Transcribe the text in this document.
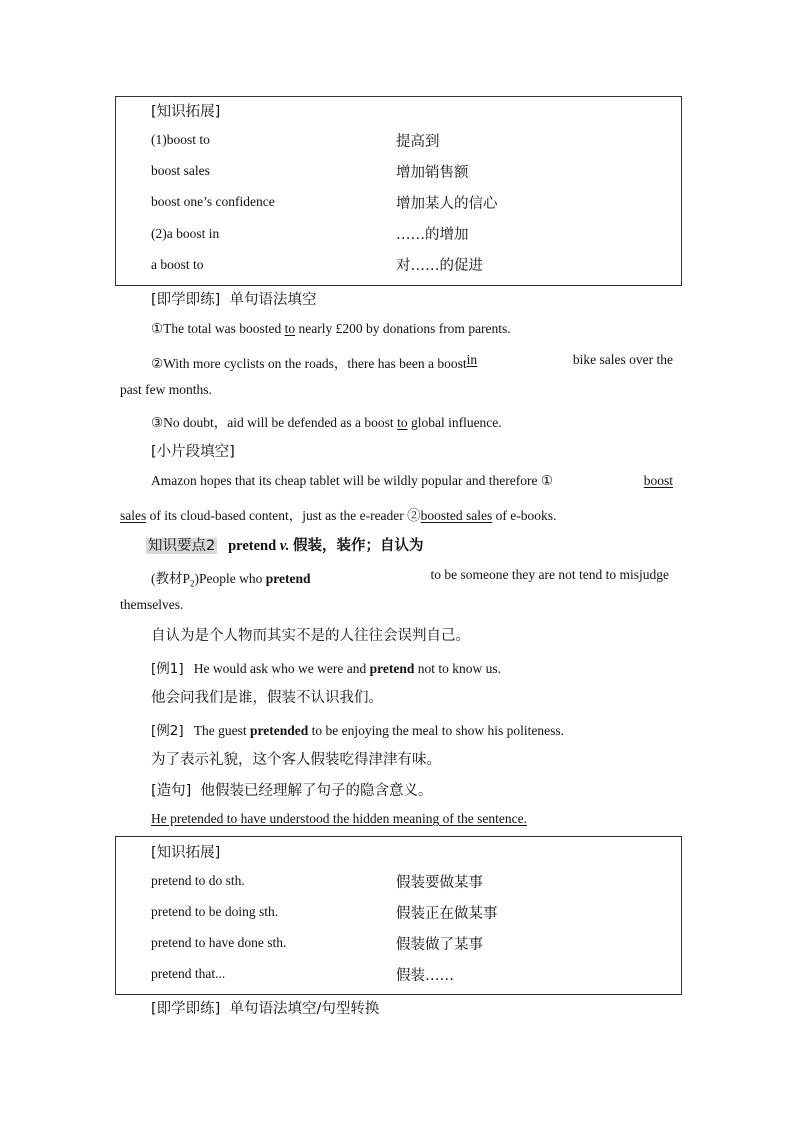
[知识拓展]
(1)boost to	提高到
boost sales	增加销售额
boost one’s confidence	增加某人的信心
(2)a boost in	……的增加
a boost to	对……的促进
[即学即练] 单句语法填空
①The total was boosted to nearly £200 by donations from parents.
②With more cyclists on the roads，there has been a boost in	bike sales over the
past few months.
③No doubt，aid will be defended as a boost to global influence.
[小片段填空]
Amazon hopes that its cheap tablet will be wildly popular and therefore ①	boost
sales of its cloud-based content，just as the e-reader ②boosted sales of e-books.
知识要点2 pretend v. 假装，装作；自认为
(教材$P_2)People$ who pretend	to be someone they are not tend to misjudge
themselves.
自认为是个人物而其实不是的人往往会误判自己。
[例1] He would ask who we were and pretend not to know us.
他会问我们是谁，假装不认识我们。
[例2] The guest pretended to be enjoying the meal to show his politeness.
为了表示礼貌，这个客人假装吃得津津有味。
[造句] 他假装已经理解了句子的隐含意义。
He pretended to have understood the hidden meaning of the sentence.
[知识拓展]
pretend to do sth.	假装要做某事
pretend to be doing sth.	假装正在做某事
pretend to have done sth.	假装做了某事
pretend that...	假装……
[即学即练] 单句语法填空/句型转换
